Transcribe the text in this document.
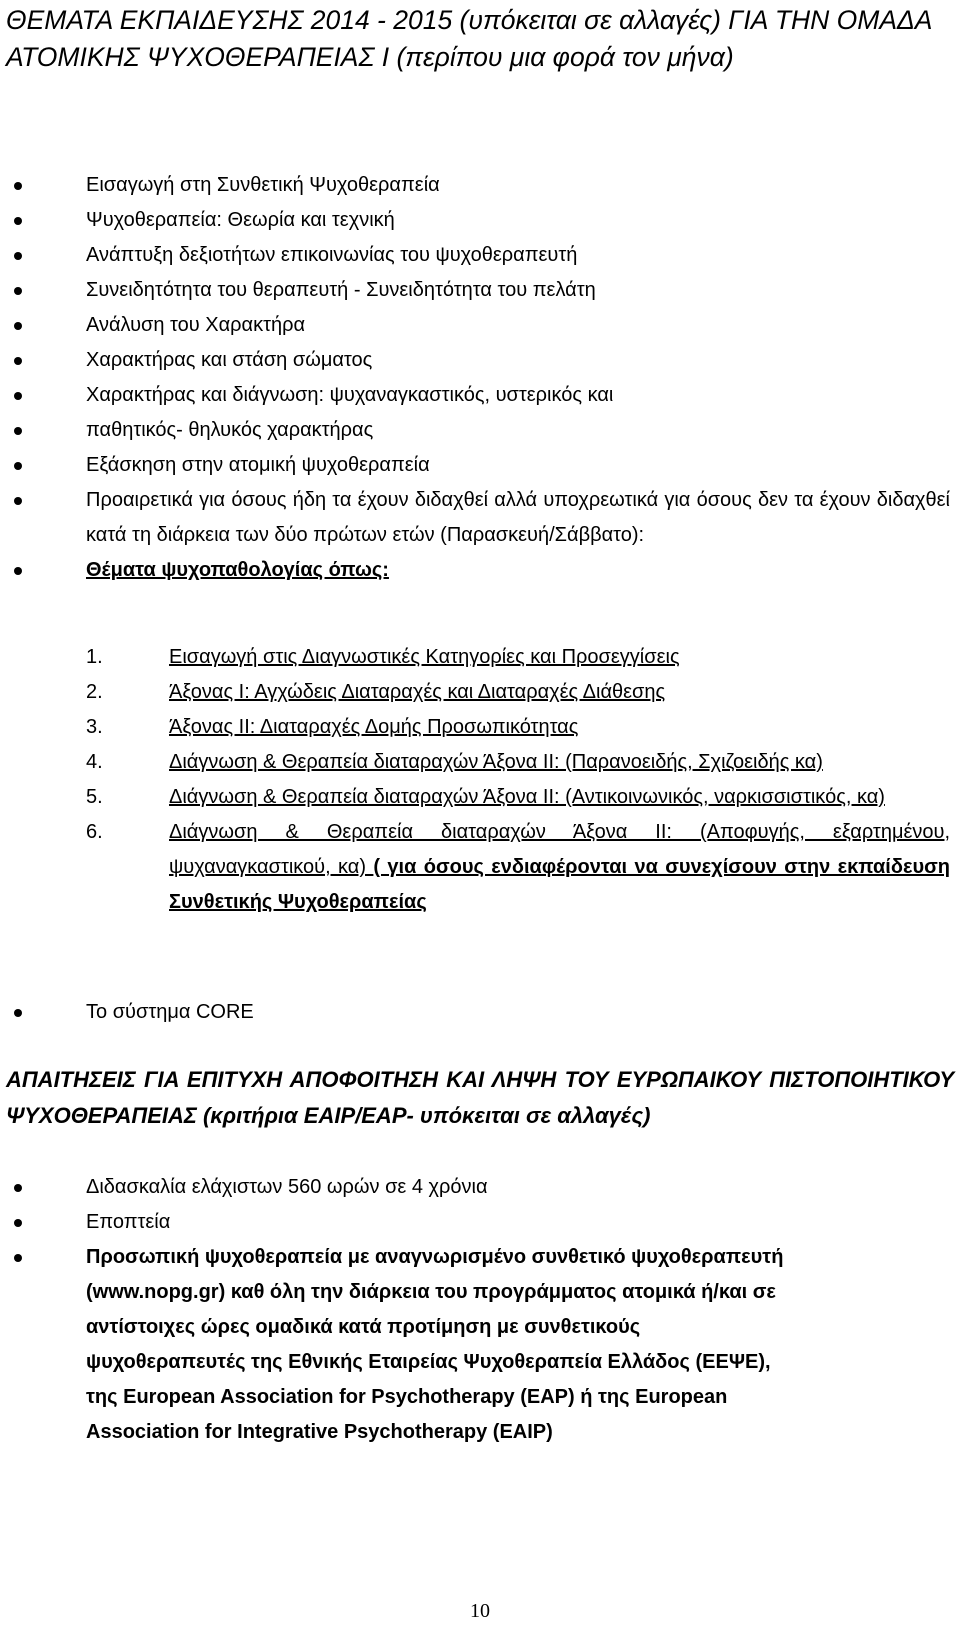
ΘΕΜΑΤΑ ΕΚΠΑΙΔΕΥΣΗΣ 2014 - 2015 (υπόκειται σε αλλαγές) ΓΙΑ ΤΗΝ ΟΜΑΔΑ ΑΤΟΜΙΚΗΣ ΨΥΧΟΘΕΡΑΠΕΙΑΣ Ι (περίπου μια φορά τον μήνα)
Εισαγωγή στη Συνθετική Ψυχοθεραπεία
Ψυχοθεραπεία: Θεωρία και τεχνική
Ανάπτυξη δεξιοτήτων επικοινωνίας του ψυχοθεραπευτή
Συνειδητότητα του θεραπευτή - Συνειδητότητα του πελάτη
Ανάλυση του Χαρακτήρα
Χαρακτήρας και στάση σώματος
Χαρακτήρας και διάγνωση: ψυχαναγκαστικός, υστερικός και
παθητικός- θηλυκός χαρακτήρας
Εξάσκηση στην ατομική ψυχοθεραπεία
Προαιρετικά για όσους ήδη τα έχουν διδαχθεί αλλά υποχρεωτικά για όσους δεν τα έχουν διδαχθεί κατά τη διάρκεια των δύο πρώτων ετών (Παρασκευή/Σάββατο):
Θέματα ψυχοπαθολογίας όπως:
1.	Εισαγωγή στις Διαγνωστικές Κατηγορίες και Προσεγγίσεις
2.	Άξονας Ι: Αγχώδεις Διαταραχές και Διαταραχές Διάθεσης
3.	Άξονας ΙΙ: Διαταραχές Δομής Προσωπικότητας
4.	Διάγνωση & Θεραπεία διαταραχών Άξονα ΙΙ: (Παρανοειδής, Σχιζοειδής κα)
5.	Διάγνωση & Θεραπεία διαταραχών Άξονα ΙΙ: (Αντικοινωνικός, ναρκισσιστικός, κα)
6.	Διάγνωση & Θεραπεία διαταραχών Άξονα ΙΙ: (Αποφυγής, εξαρτημένου, ψυχαναγκαστικού, κα) ( για όσους ενδιαφέρονται να συνεχίσουν στην εκπαίδευση Συνθετικής Ψυχοθεραπείας
Το σύστημα CORE
ΑΠΑΙΤΗΣΕΙΣ ΓΙΑ ΕΠΙΤΥΧΗ ΑΠΟΦΟΙΤΗΣΗ ΚΑΙ ΛΗΨΗ ΤΟΥ ΕΥΡΩΠΑΙΚΟΥ ΠΙΣΤΟΠΟΙΗΤΙΚΟΥ ΨΥΧΟΘΕΡΑΠΕΙΑΣ (κριτήρια EAIP/EAP- υπόκειται σε αλλαγές)
Διδασκαλία ελάχιστων 560 ωρών σε 4 χρόνια
Εποπτεία
Προσωπική ψυχοθεραπεία με αναγνωρισμένο συνθετικό ψυχοθεραπευτή (www.nopg.gr) καθ όλη την διάρκεια του προγράμματος ατομικά ή/και σε αντίστοιχες ώρες ομαδικά κατά προτίμηση με συνθετικούς ψυχοθεραπευτές της Εθνικής Εταιρείας Ψυχοθεραπεία Ελλάδος (ΕΕΨΕ), της European Association for Psychotherapy (EAP) ή της European Association for Integrative Psychotherapy (EAIP)
10
